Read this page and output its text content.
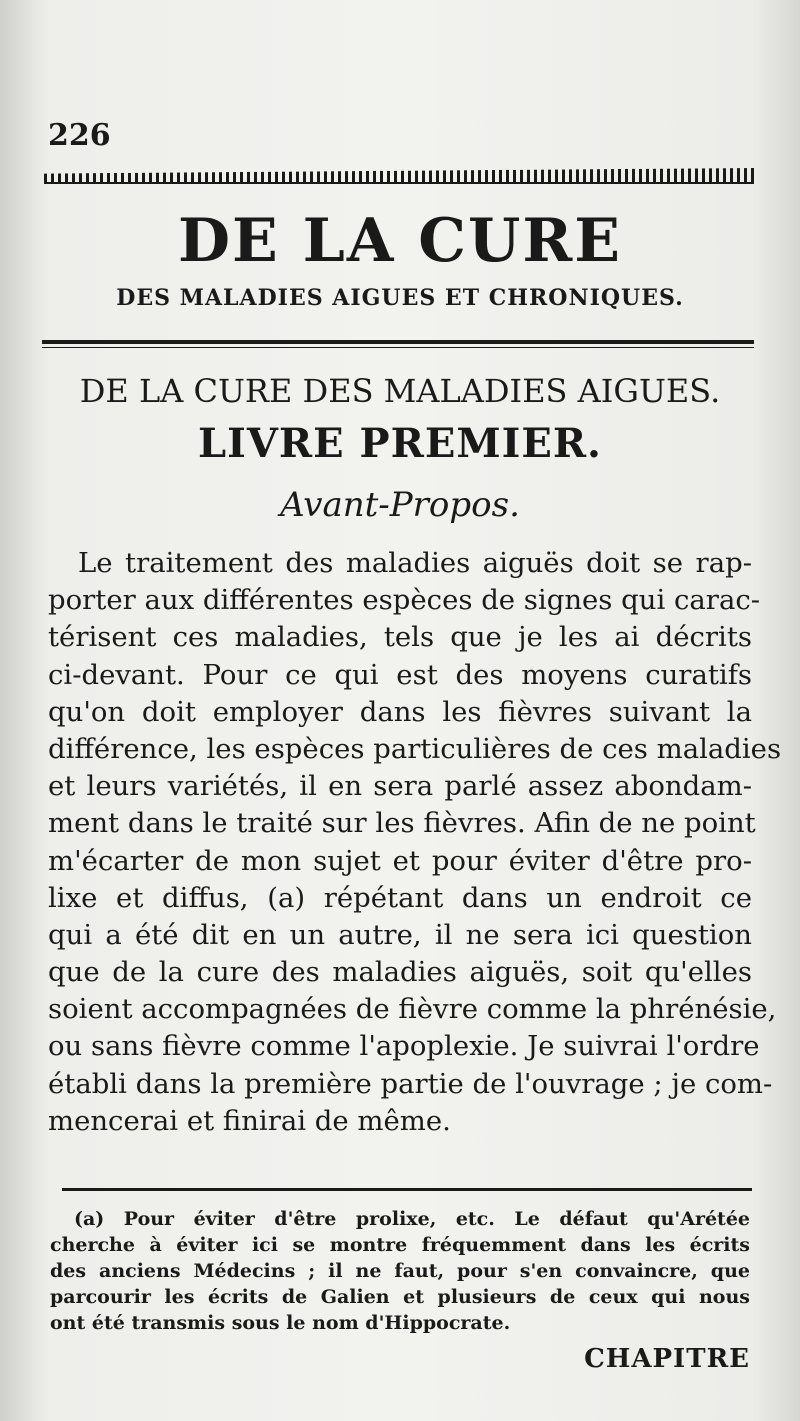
226
DE LA CURE
DES MALADIES AIGUES ET CHRONIQUES.
DE LA CURE DES MALADIES AIGUES.
LIVRE PREMIER.
Avant-Propos.
Le traitement des maladies aiguës doit se rap-
porter aux différentes espèces de signes qui carac-
térisent ces maladies, tels que je les ai décrits
ci-devant. Pour ce qui est des moyens curatifs
qu'on doit employer dans les fièvres suivant la
différence, les espèces particulières de ces maladies
et leurs variétés, il en sera parlé assez abondam-
ment dans le traité sur les fièvres. Afin de ne point
m'écarter de mon sujet et pour éviter d'être pro-
lixe et diffus, (a) répétant dans un endroit ce
qui a été dit en un autre, il ne sera ici question
que de la cure des maladies aiguës, soit qu'elles
soient accompagnées de fièvre comme la phrénésie,
ou sans fièvre comme l'apoplexie. Je suivrai l'ordre
établi dans la première partie de l'ouvrage ; je com-
mencerai et finirai de même.
(a) Pour éviter d'être prolixe, etc. Le défaut qu'Arétée
cherche à éviter ici se montre fréquemment dans les écrits
des anciens Médecins ; il ne faut, pour s'en convaincre, que
parcourir les écrits de Galien et plusieurs de ceux qui nous
ont été transmis sous le nom d'Hippocrate.
CHAPITRE
